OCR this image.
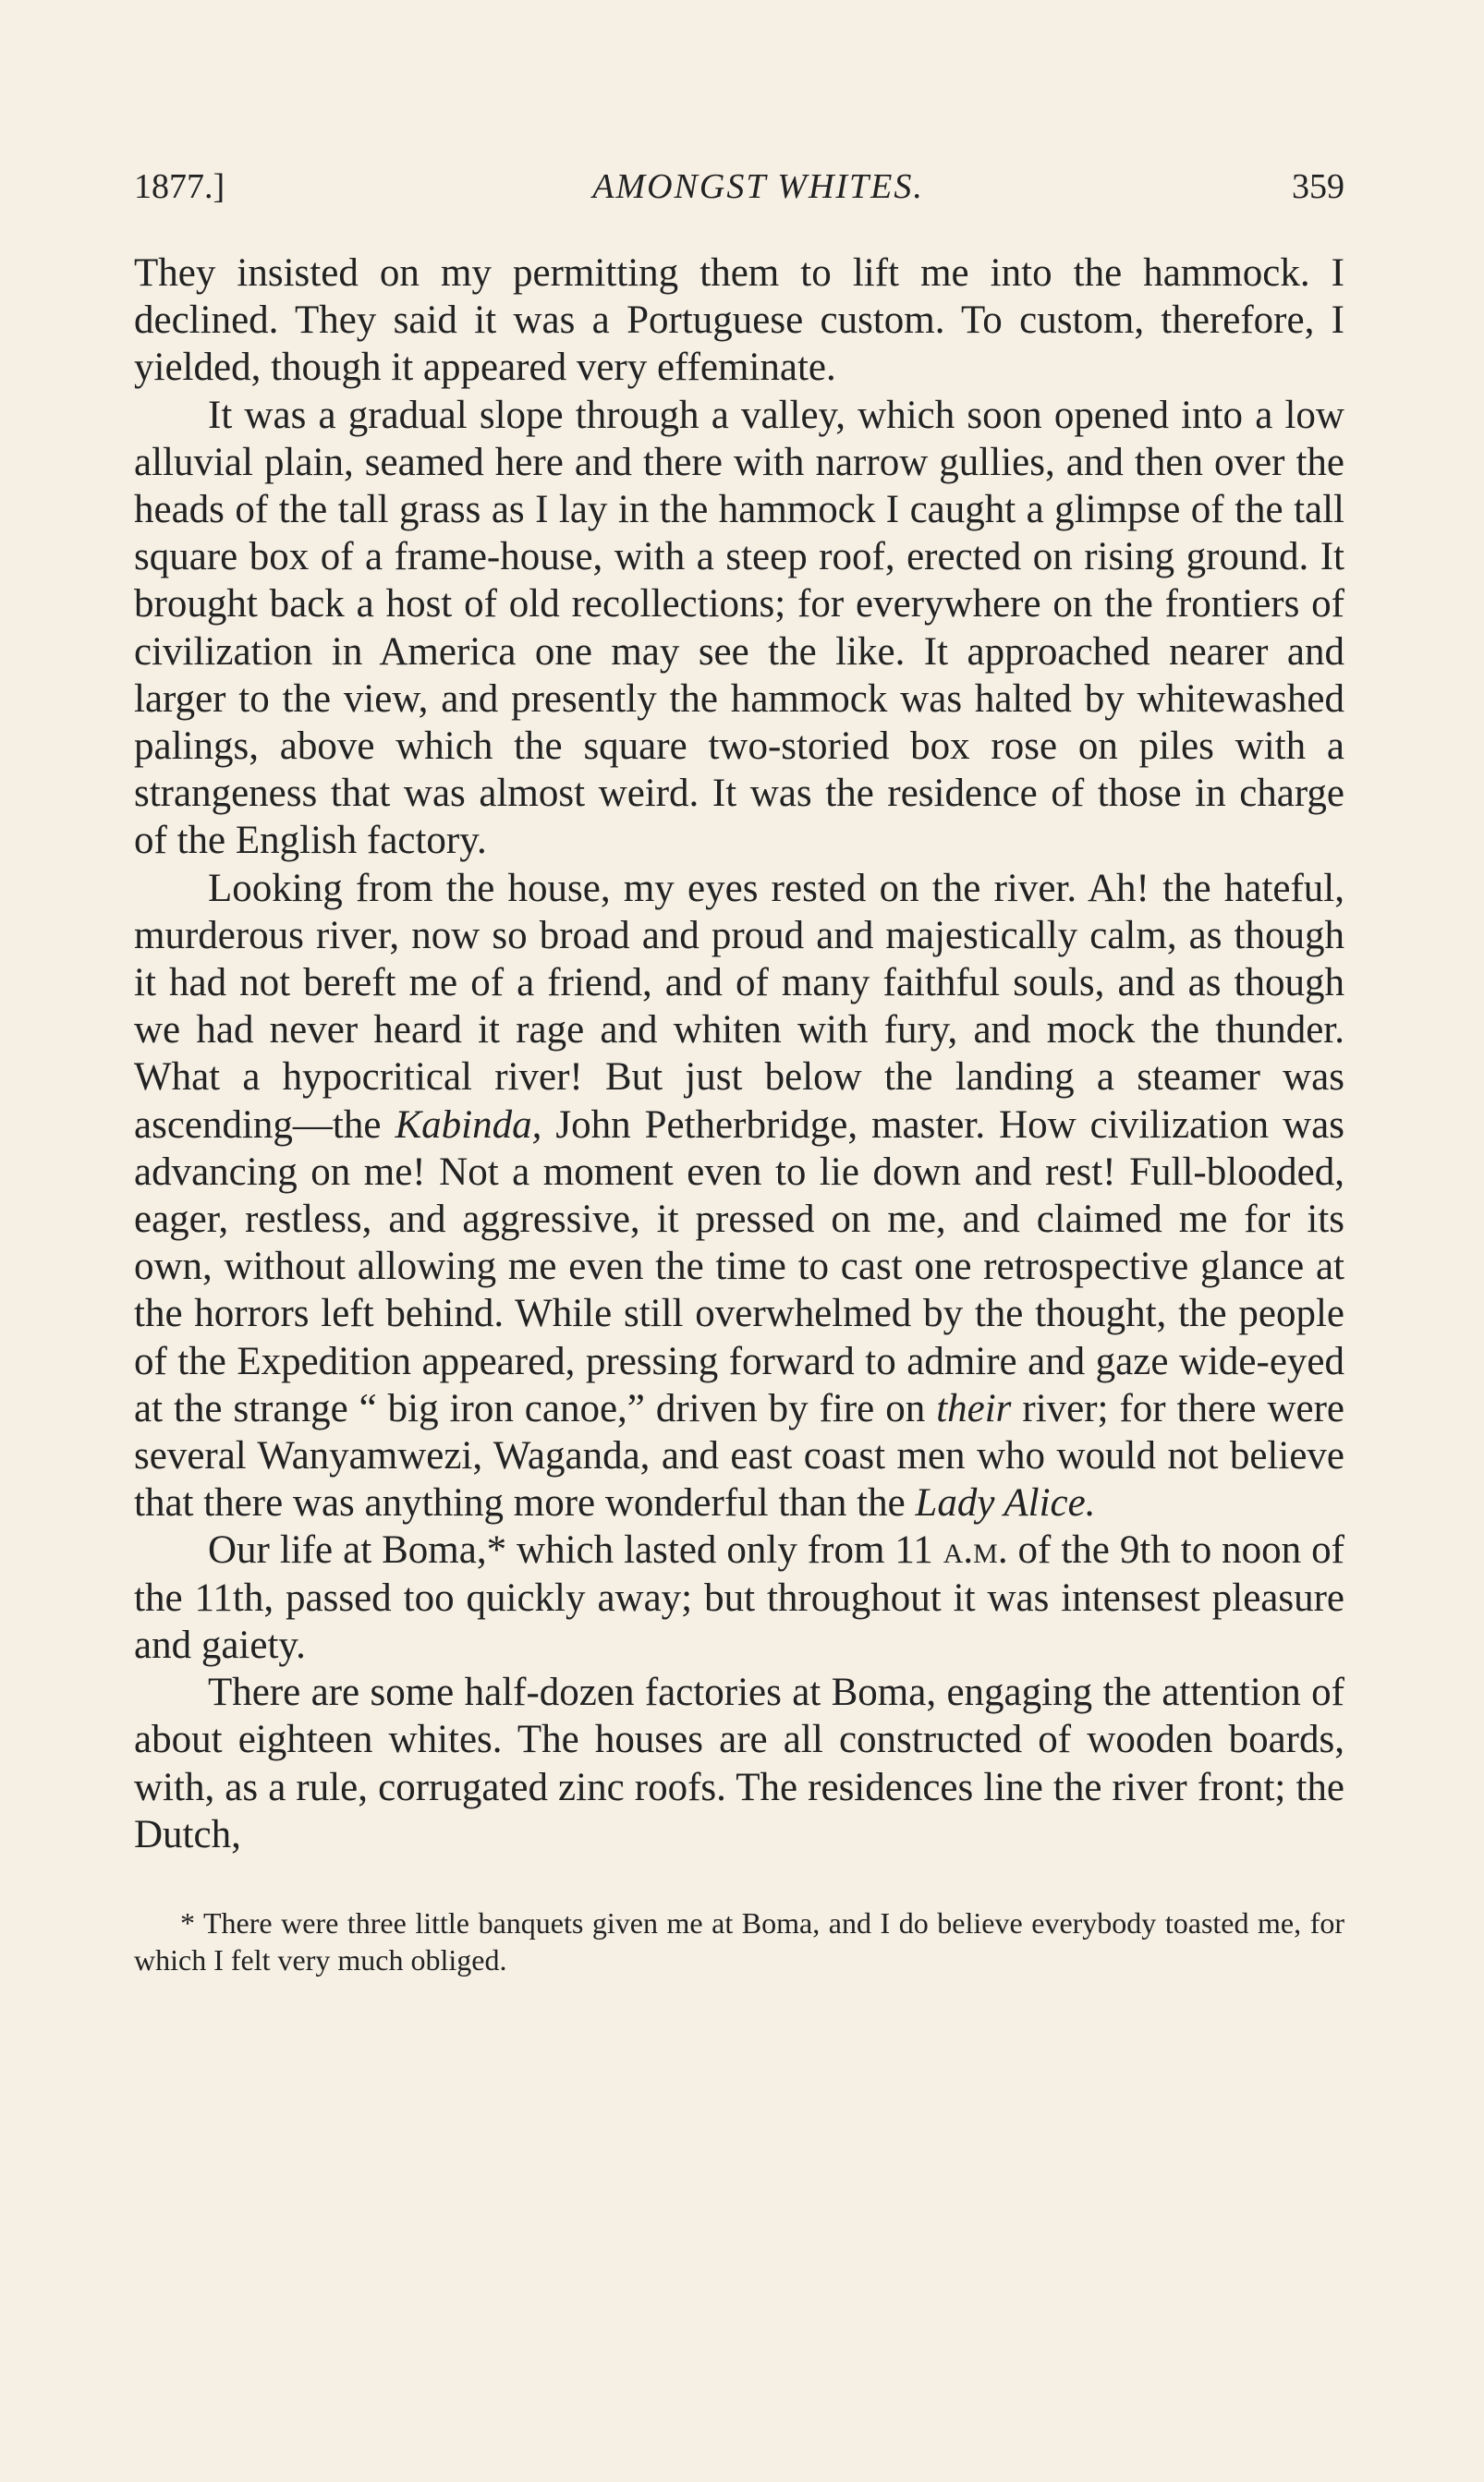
1877.]	AMONGST WHITES.	359

They insisted on my permitting them to lift me into the hammock. I declined. They said it was a Portuguese custom. To custom, therefore, I yielded, though it appeared very effeminate.

It was a gradual slope through a valley, which soon opened into a low alluvial plain, seamed here and there with narrow gullies, and then over the heads of the tall grass as I lay in the hammock I caught a glimpse of the tall square box of a frame-house, with a steep roof, erected on rising ground. It brought back a host of old recollections; for everywhere on the frontiers of civilization in America one may see the like. It approached nearer and larger to the view, and presently the hammock was halted by whitewashed palings, above which the square two-storied box rose on piles with a strangeness that was almost weird. It was the residence of those in charge of the English factory.

Looking from the house, my eyes rested on the river. Ah! the hateful, murderous river, now so broad and proud and majestically calm, as though it had not bereft me of a friend, and of many faithful souls, and as though we had never heard it rage and whiten with fury, and mock the thunder. What a hypocritical river! But just below the landing a steamer was ascending—the Kabinda, John Petherbridge, master. How civilization was advancing on me! Not a moment even to lie down and rest! Full-blooded, eager, restless, and aggressive, it pressed on me, and claimed me for its own, without allowing me even the time to cast one retrospective glance at the horrors left behind. While still overwhelmed by the thought, the people of the Expedition appeared, pressing forward to admire and gaze wide-eyed at the strange “ big iron canoe,” driven by fire on their river; for there were several Wanyamwezi, Waganda, and east coast men who would not believe that there was anything more wonderful than the Lady Alice.

Our life at Boma,* which lasted only from 11 a.m. of the 9th to noon of the 11th, passed too quickly away; but throughout it was intensest pleasure and gaiety.

There are some half-dozen factories at Boma, engaging the attention of about eighteen whites. The houses are all constructed of wooden boards, with, as a rule, corrugated zinc roofs. The residences line the river front; the Dutch,

* There were three little banquets given me at Boma, and I do believe everybody toasted me, for which I felt very much obliged.
